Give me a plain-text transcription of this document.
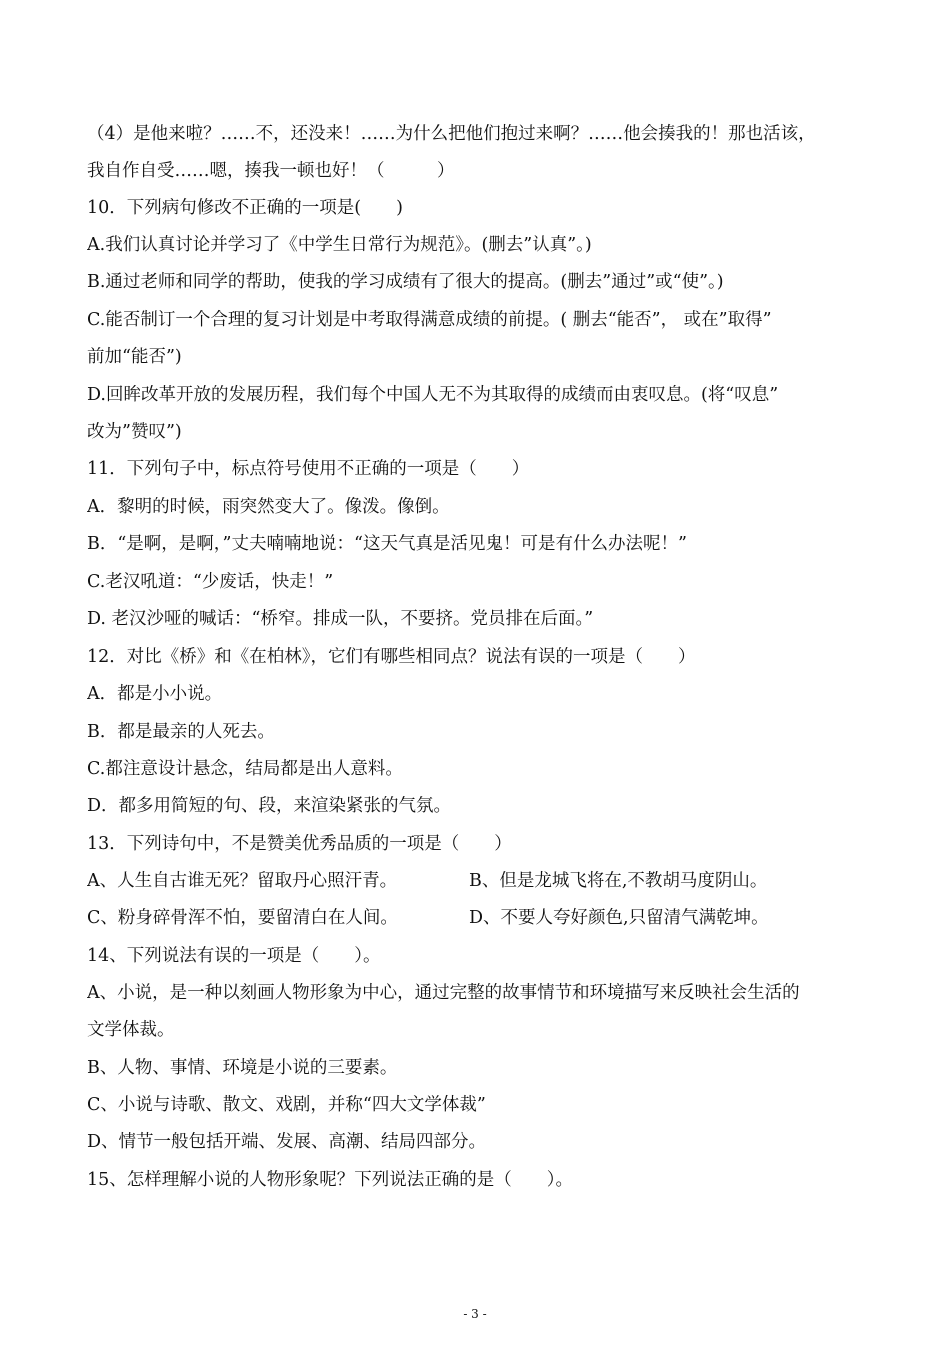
（4）是他来啦？……不，还没来！……为什么把他们抱过来啊？……他会揍我的！那也活该，
我自作自受……嗯，揍我一顿也好！（　　　）
10．下列病句修改不正确的一项是(　　)
A.我们认真讨论并学习了《中学生日常行为规范》。(删去”认真”。)
B.通过老师和同学的帮助，使我的学习成绩有了很大的提高。(删去”通过”或“使”。)
C.能否制订一个合理的复习计划是中考取得满意成绩的前提。( 删去“能否”， 或在”取得”
前加“能否”)
D.回眸改革开放的发展历程，我们每个中国人无不为其取得的成绩而由衷叹息。(将“叹息”
改为”赞叹”)
11．下列句子中，标点符号使用不正确的一项是（　　）
A．黎明的时候，雨突然变大了。像泼。像倒。
B．“是啊，是啊，”丈夫喃喃地说：“这天气真是活见鬼！可是有什么办法呢！”
C.老汉吼道：“少废话，快走！”
D. 老汉沙哑的喊话：“桥窄。排成一队，不要挤。党员排在后面。”
12．对比《桥》和《在柏林》，它们有哪些相同点？说法有误的一项是（　　）
A．都是小小说。
B．都是最亲的人死去。
C.都注意设计悬念，结局都是出人意料。
D．都多用简短的句、段，来渲染紧张的气氛。
13．下列诗句中，不是赞美优秀品质的一项是（　　）
A、人生自古谁无死？留取丹心照汗青。	B、但是龙城飞将在,不教胡马度阴山。
C、粉身碎骨浑不怕，要留清白在人间。	D、不要人夸好颜色,只留清气满乾坤。
14、下列说法有误的一项是（　　）。
A、小说，是一种以刻画人物形象为中心，通过完整的故事情节和环境描写来反映社会生活的
文学体裁。
B、人物、事情、环境是小说的三要素。
C、小说与诗歌、散文、戏剧，并称“四大文学体裁”
D、情节一般包括开端、发展、高潮、结局四部分。
15、怎样理解小说的人物形象呢？下列说法正确的是（　　）。
- 3 -
